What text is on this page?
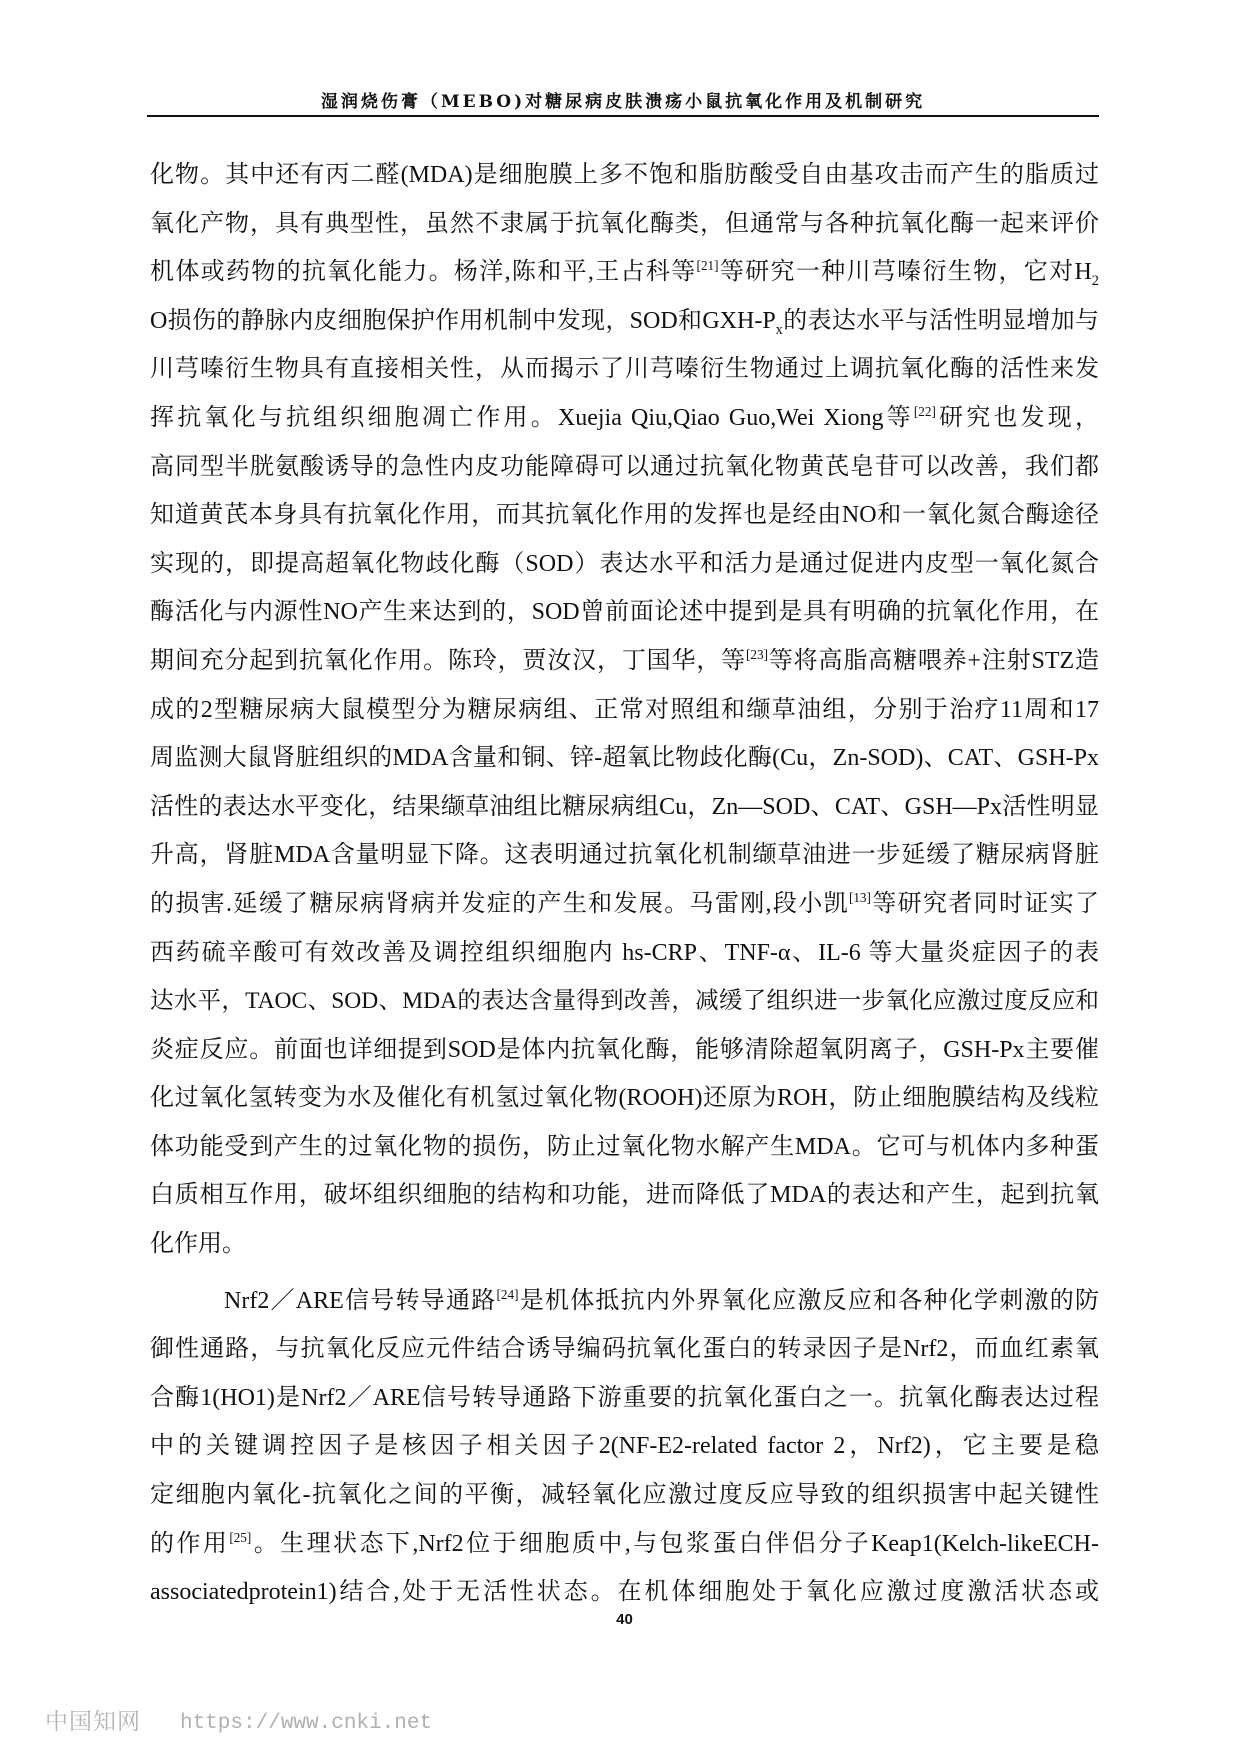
湿润烧伤膏（MEBO)对糖尿病皮肤溃疡小鼠抗氧化作用及机制研究
化物。其中还有丙二醛(MDA)是细胞膜上多不饱和脂肪酸受自由基攻击而产生的脂质过
氧化产物，具有典型性，虽然不隶属于抗氧化酶类，但通常与各种抗氧化酶一起来评价
机体或药物的抗氧化能力。杨洋,陈和平,王占科等[21]等研究一种川芎嗪衍生物，它对$H_2$
O损伤的静脉内皮细胞保护作用机制中发现，SOD和GXH-$P_x$的表达水平与活性明显增加与
川芎嗪衍生物具有直接相关性，从而揭示了川芎嗪衍生物通过上调抗氧化酶的活性来发
挥抗氧化与抗组织细胞凋亡作用。Xuejia Qiu,Qiao Guo,Wei Xiong等[22]研究也发现，
高同型半胱氨酸诱导的急性内皮功能障碍可以通过抗氧化物黄芪皂苷可以改善，我们都
知道黄芪本身具有抗氧化作用，而其抗氧化作用的发挥也是经由NO和一氧化氮合酶途径
实现的，即提高超氧化物歧化酶（SOD）表达水平和活力是通过促进内皮型一氧化氮合
酶活化与内源性NO产生来达到的，SOD曾前面论述中提到是具有明确的抗氧化作用，在
期间充分起到抗氧化作用。陈玲，贾汝汉，丁国华，等[23]等将高脂高糖喂养+注射STZ造
成的2型糖尿病大鼠模型分为糖尿病组、正常对照组和缬草油组，分别于治疗11周和17
周监测大鼠肾脏组织的MDA含量和铜、锌-超氧比物歧化酶(Cu，Zn-SOD)、CAT、GSH-Px
活性的表达水平变化，结果缬草油组比糖尿病组Cu，Zn—SOD、CAT、GSH—Px活性明显
升高，肾脏MDA含量明显下降。这表明通过抗氧化机制缬草油进一步延缓了糖尿病肾脏
的损害.延缓了糖尿病肾病并发症的产生和发展。马雷刚,段小凯[13]等研究者同时证实了
西药硫辛酸可有效改善及调控组织细胞内 hs-CRP、TNF-α、IL-6 等大量炎症因子的表
达水平，TAOC、SOD、MDA的表达含量得到改善，减缓了组织进一步氧化应激过度反应和
炎症反应。前面也详细提到SOD是体内抗氧化酶，能够清除超氧阴离子，GSH-Px主要催
化过氧化氢转变为水及催化有机氢过氧化物(ROOH)还原为ROH，防止细胞膜结构及线粒
体功能受到产生的过氧化物的损伤，防止过氧化物水解产生MDA。它可与机体内多种蛋
白质相互作用，破坏组织细胞的结构和功能，进而降低了MDA的表达和产生，起到抗氧
化作用。
Nrf2／ARE信号转导通路[24]是机体抵抗内外界氧化应激反应和各种化学刺激的防
御性通路，与抗氧化反应元件结合诱导编码抗氧化蛋白的转录因子是Nrf2，而血红素氧
合酶1(HO1)是Nrf2／ARE信号转导通路下游重要的抗氧化蛋白之一。抗氧化酶表达过程
中的关键调控因子是核因子相关因子2(NF-E2-related factor 2，Nrf2)，它主要是稳
定细胞内氧化-抗氧化之间的平衡，减轻氧化应激过度反应导致的组织损害中起关键性
的作用[25]。生理状态下,Nrf2位于细胞质中,与包浆蛋白伴侣分子Keap1(Kelch-likeECH-
associatedprotein1)结合,处于无活性状态。在机体细胞处于氧化应激过度激活状态或
40
中国知网 https://www.cnki.net
